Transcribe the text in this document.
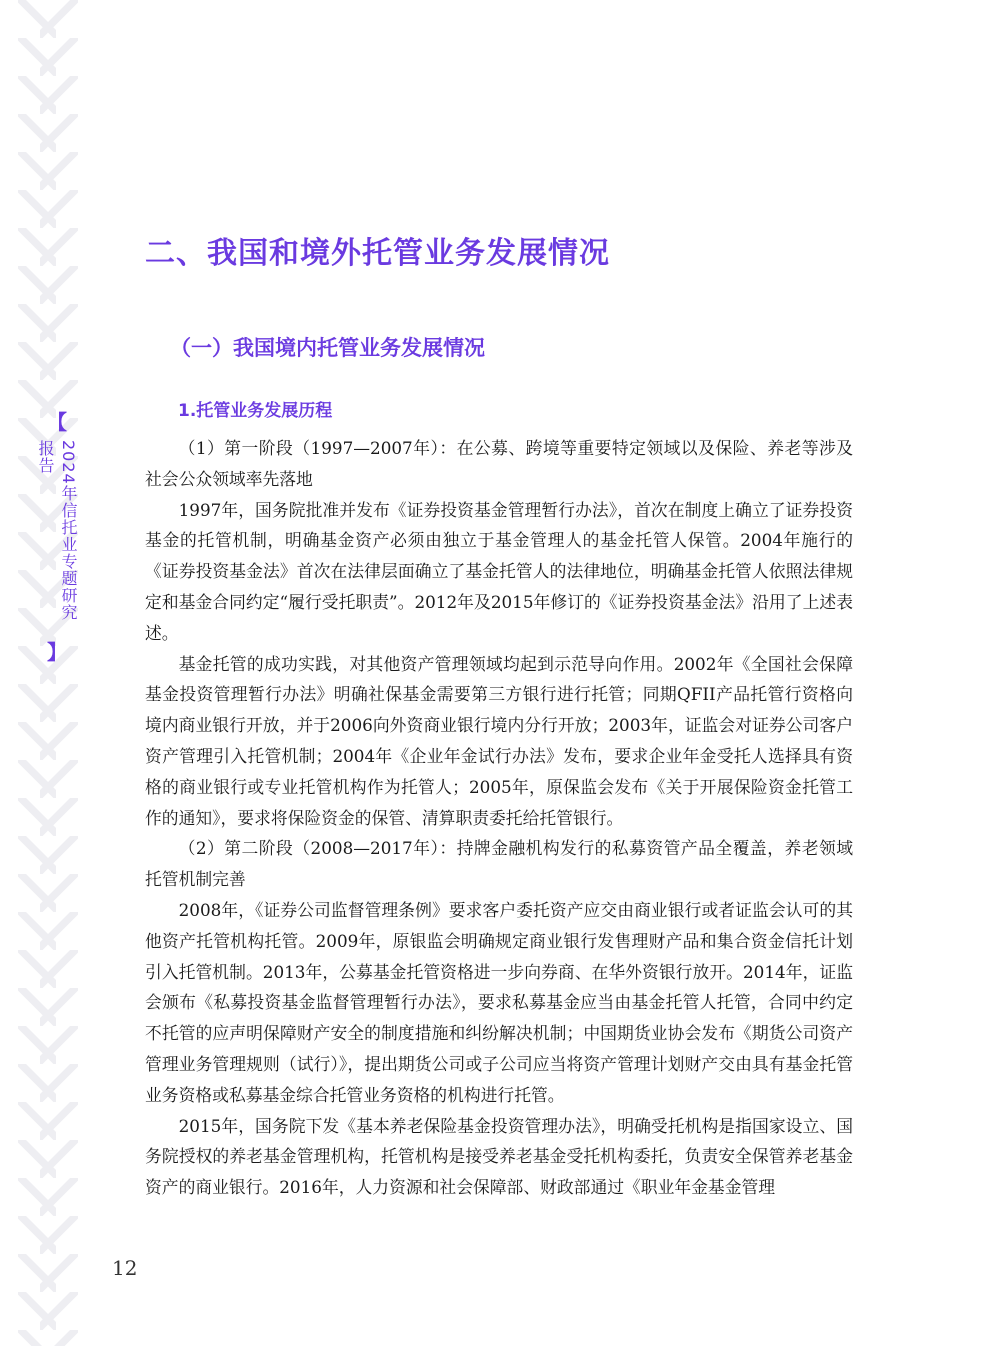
【
2024年信托业专题研究报告
】
二、我国和境外托管业务发展情况
（一）我国境内托管业务发展情况
1.托管业务发展历程

（1）第一阶段（1997—2007年）：在公募、跨境等重要特定领域以及保险、养老等涉及社会公众领域率先落地

1997年，国务院批准并发布《证券投资基金管理暂行办法》，首次在制度上确立了证券投资基金的托管机制，明确基金资产必须由独立于基金管理人的基金托管人保管。2004年施行的《证券投资基金法》首次在法律层面确立了基金托管人的法律地位，明确基金托管人依照法律规定和基金合同约定“履行受托职责”。2012年及2015年修订的《证券投资基金法》沿用了上述表述。

基金托管的成功实践，对其他资产管理领域均起到示范导向作用。2002年《全国社会保障基金投资管理暂行办法》明确社保基金需要第三方银行进行托管；同期QFII产品托管行资格向境内商业银行开放，并于2006向外资商业银行境内分行开放；2003年，证监会对证券公司客户资产管理引入托管机制；2004年《企业年金试行办法》发布，要求企业年金受托人选择具有资格的商业银行或专业托管机构作为托管人；2005年，原保监会发布《关于开展保险资金托管工作的通知》，要求将保险资金的保管、清算职责委托给托管银行。

（2）第二阶段（2008—2017年）：持牌金融机构发行的私募资管产品全覆盖，养老领域托管机制完善

2008年，《证券公司监督管理条例》要求客户委托资产应交由商业银行或者证监会认可的其他资产托管机构托管。2009年，原银监会明确规定商业银行发售理财产品和集合资金信托计划引入托管机制。2013年，公募基金托管资格进一步向券商、在华外资银行放开。2014年，证监会颁布《私募投资基金监督管理暂行办法》，要求私募基金应当由基金托管人托管，合同中约定不托管的应声明保障财产安全的制度措施和纠纷解决机制；中国期货业协会发布《期货公司资产管理业务管理规则（试行）》，提出期货公司或子公司应当将资产管理计划财产交由具有基金托管业务资格或私募基金综合托管业务资格的机构进行托管。

2015年，国务院下发《基本养老保险基金投资管理办法》，明确受托机构是指国家设立、国务院授权的养老基金管理机构，托管机构是接受养老基金受托机构委托，负责安全保管养老基金资产的商业银行。2016年，人力资源和社会保障部、财政部通过《职业年金基金管理

12
